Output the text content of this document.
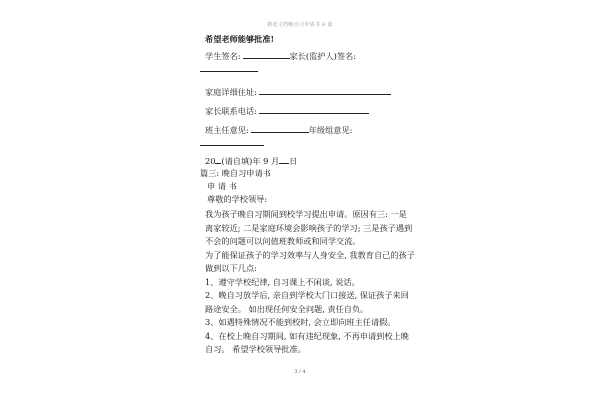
精选文档晚自习申请书 6 篇
希望老师能够批准!
学生签名:	家长(监护人)签名:
家庭详细住址:
家长联系电话:
班主任意见:	年级组意见:
20 (请自填)年 9 月 日
篇三: 晚自习申请书
申 请 书
尊敬的学校领导:
我为孩子晚自习期间到校学习提出申请。原因有三: 一是离家较近; 二是家庭环境会影响孩子的学习; 三是孩子遇到不会的问题可以问值班教师或和同学交流。
为了能保证孩子的学习效率与人身安全, 我教育自己的孩子做到以下几点:
1、遵守学校纪律, 自习课上不闲谈, 说话。
2、晚自习放学后, 亲自到学校大门口接送, 保证孩子来回路途安全。 如出现任何安全问题, 责任自负。
3、如遇特殊情况不能到校时, 会立即向班主任请假。
4、在校上晚自习期间, 如有违纪现象, 不再申请到校上晚自习。 希望学校领导批准。
3 / 4
